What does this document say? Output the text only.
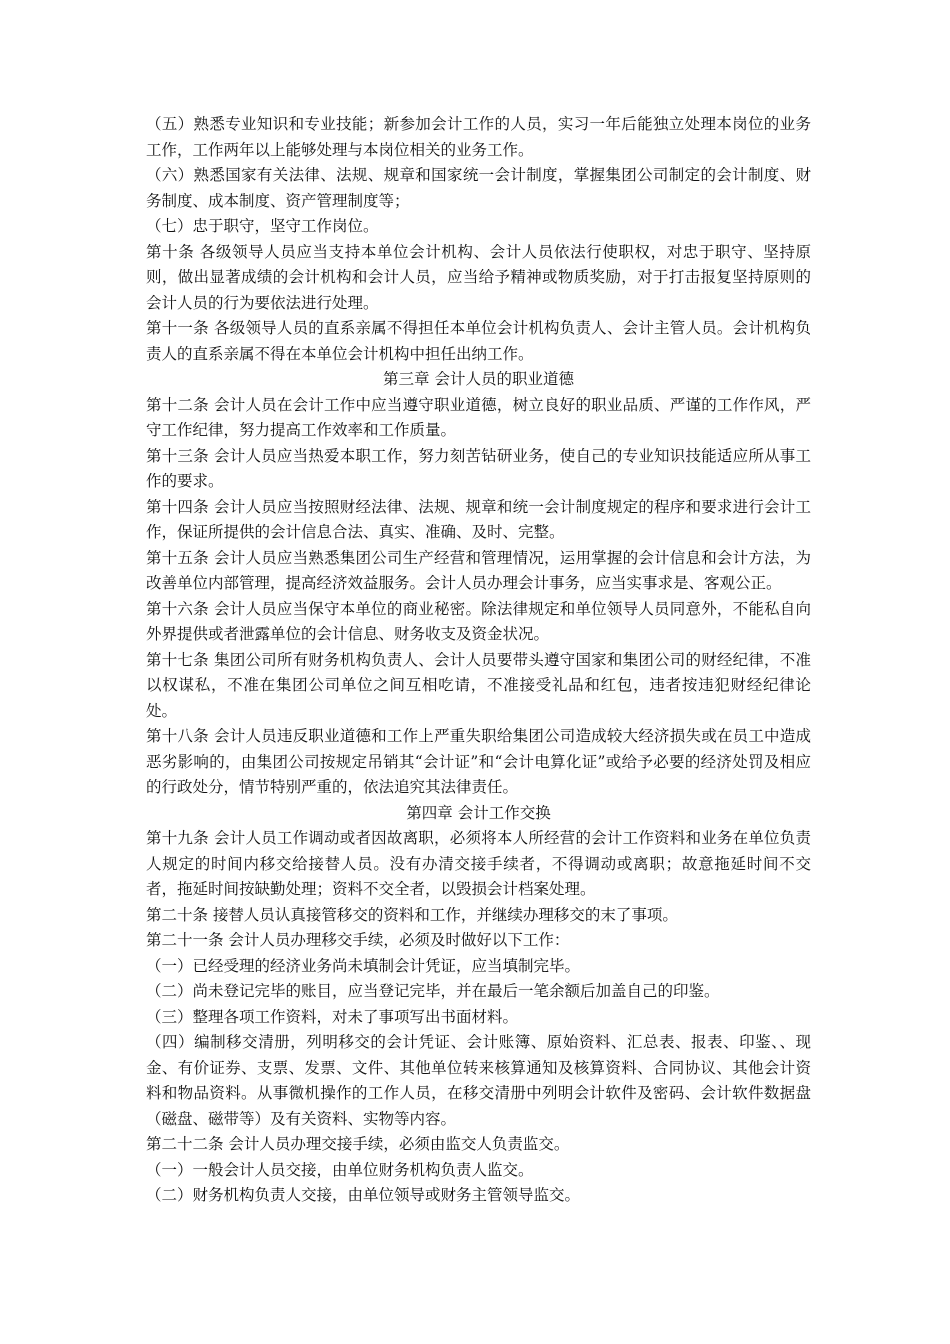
（五）熟悉专业知识和专业技能；新参加会计工作的人员，实习一年后能独立处理本岗位的业务工作，工作两年以上能够处理与本岗位相关的业务工作。

（六）熟悉国家有关法律、法规、规章和国家统一会计制度，掌握集团公司制定的会计制度、财务制度、成本制度、资产管理制度等；

（七）忠于职守，坚守工作岗位。

第十条 各级领导人员应当支持本单位会计机构、会计人员依法行使职权，对忠于职守、坚持原则，做出显著成绩的会计机构和会计人员，应当给予精神或物质奖励，对于打击报复坚持原则的会计人员的行为要依法进行处理。

第十一条 各级领导人员的直系亲属不得担任本单位会计机构负责人、会计主管人员。会计机构负责人的直系亲属不得在本单位会计机构中担任出纳工作。

第三章 会计人员的职业道德

第十二条 会计人员在会计工作中应当遵守职业道德，树立良好的职业品质、严谨的工作作风，严守工作纪律，努力提高工作效率和工作质量。

第十三条 会计人员应当热爱本职工作，努力刻苦钻研业务，使自己的专业知识技能适应所从事工作的要求。

第十四条 会计人员应当按照财经法律、法规、规章和统一会计制度规定的程序和要求进行会计工作，保证所提供的会计信息合法、真实、准确、及时、完整。

第十五条 会计人员应当熟悉集团公司生产经营和管理情况，运用掌握的会计信息和会计方法，为改善单位内部管理，提高经济效益服务。会计人员办理会计事务，应当实事求是、客观公正。

第十六条 会计人员应当保守本单位的商业秘密。除法律规定和单位领导人员同意外，不能私自向外界提供或者泄露单位的会计信息、财务收支及资金状况。

第十七条 集团公司所有财务机构负责人、会计人员要带头遵守国家和集团公司的财经纪律，不准以权谋私，不准在集团公司单位之间互相吃请，不准接受礼品和红包，违者按违犯财经纪律论处。

第十八条 会计人员违反职业道德和工作上严重失职给集团公司造成较大经济损失或在员工中造成恶劣影响的，由集团公司按规定吊销其“会计证”和“会计电算化证”或给予必要的经济处罚及相应的行政处分，情节特别严重的，依法追究其法律责任。

第四章 会计工作交换

第十九条 会计人员工作调动或者因故离职，必须将本人所经营的会计工作资料和业务在单位负责人规定的时间内移交给接替人员。没有办清交接手续者，不得调动或离职；故意拖延时间不交者，拖延时间按缺勤处理；资料不交全者，以毁损会计档案处理。

第二十条 接替人员认真接管移交的资料和工作，并继续办理移交的末了事项。

第二十一条 会计人员办理移交手续，必须及时做好以下工作：

（一）已经受理的经济业务尚未填制会计凭证，应当填制完毕。

（二）尚未登记完毕的账目，应当登记完毕，并在最后一笔余额后加盖自己的印鉴。

（三）整理各项工作资料，对未了事项写出书面材料。

（四）编制移交清册，列明移交的会计凭证、会计账簿、原始资料、汇总表、报表、印鉴、、现金、有价证券、支票、发票、文件、其他单位转来核算通知及核算资料、合同协议、其他会计资料和物品资料。从事微机操作的工作人员，在移交清册中列明会计软件及密码、会计软件数据盘（磁盘、磁带等）及有关资料、实物等内容。

第二十二条 会计人员办理交接手续，必须由监交人负责监交。

（一）一般会计人员交接，由单位财务机构负责人监交。

（二）财务机构负责人交接，由单位领导或财务主管领导监交。
